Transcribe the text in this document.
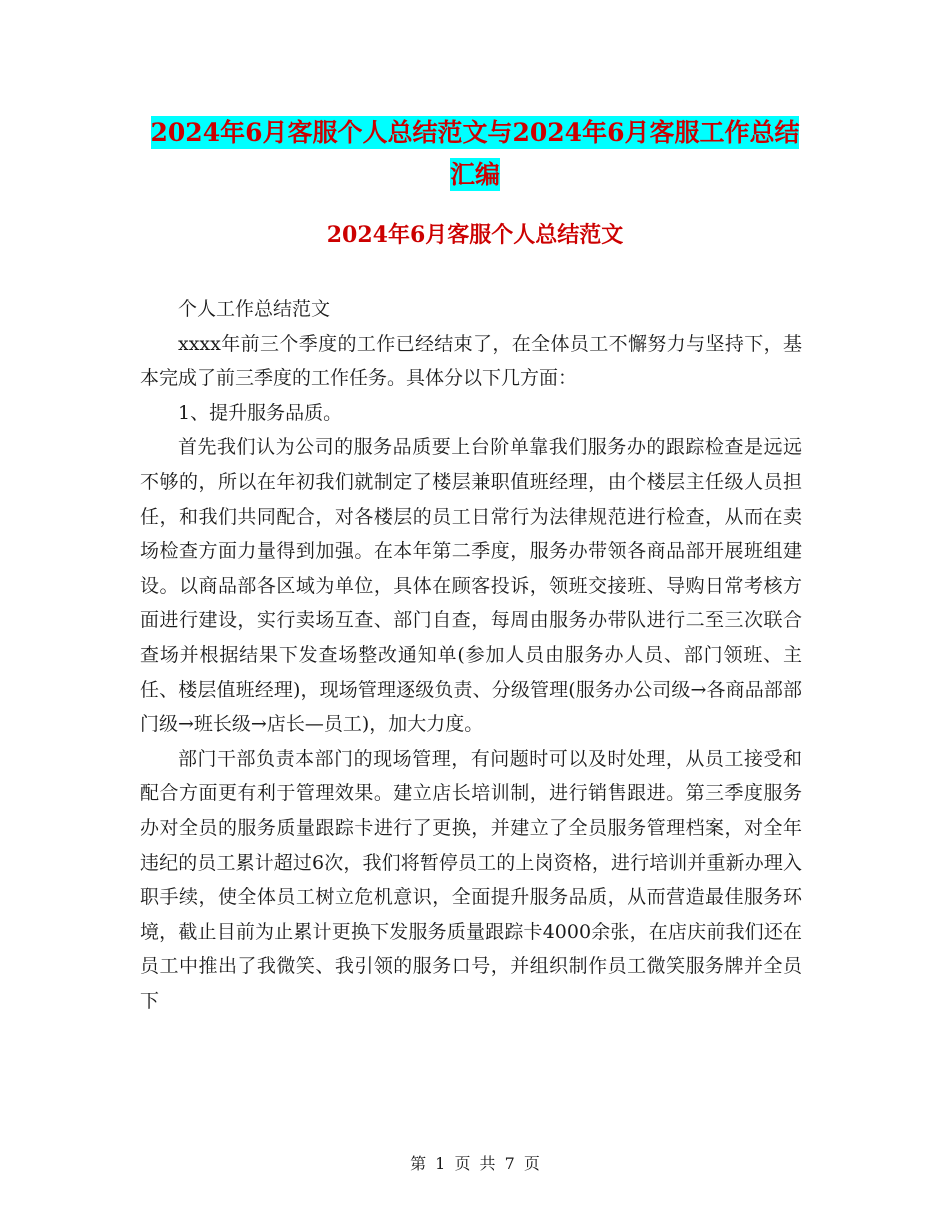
2024年6月客服个人总结范文与2024年6月客服工作总结汇编
2024年6月客服个人总结范文

个人工作总结范文

xxxx年前三个季度的工作已经结束了，在全体员工不懈努力与坚持下，基本完成了前三季度的工作任务。具体分以下几方面：

1、提升服务品质。

首先我们认为公司的服务品质要上台阶单靠我们服务办的跟踪检查是远远不够的，所以在年初我们就制定了楼层兼职值班经理，由个楼层主任级人员担任，和我们共同配合，对各楼层的员工日常行为法律规范进行检查，从而在卖场检查方面力量得到加强。在本年第二季度，服务办带领各商品部开展班组建设。以商品部各区域为单位，具体在顾客投诉，领班交接班、导购日常考核方面进行建设，实行卖场互查、部门自查，每周由服务办带队进行二至三次联合查场并根据结果下发查场整改通知单(参加人员由服务办人员、部门领班、主任、楼层值班经理)，现场管理逐级负责、分级管理(服务办公司级→各商品部部门级→班长级→店长—员工)，加大力度。

部门干部负责本部门的现场管理，有问题时可以及时处理，从员工接受和配合方面更有利于管理效果。建立店长培训制，进行销售跟进。第三季度服务办对全员的服务质量跟踪卡进行了更换，并建立了全员服务管理档案，对全年违纪的员工累计超过6次，我们将暂停员工的上岗资格，进行培训并重新办理入职手续，使全体员工树立危机意识，全面提升服务品质，从而营造最佳服务环境，截止目前为止累计更换下发服务质量跟踪卡4000余张，在店庆前我们还在员工中推出了我微笑、我引领的服务口号，并组织制作员工微笑服务牌并全员下

第 1 页 共 7 页
